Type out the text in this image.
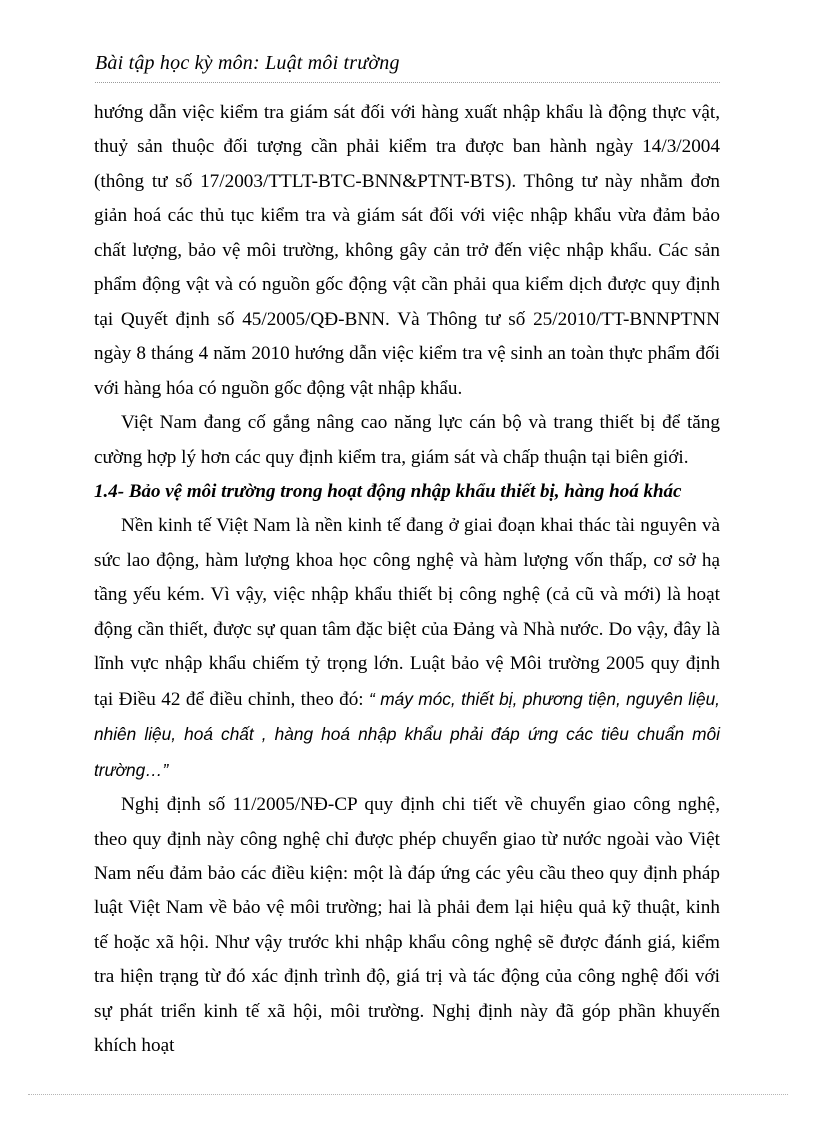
Bài tập học kỳ môn: Luật môi trường

hướng dẫn việc kiểm tra giám sát đối với hàng xuất nhập khẩu là động thực vật, thuỷ sản thuộc đối tượng cần phải kiểm tra được ban hành ngày 14/3/2004 (thông tư số 17/2003/TTLT-BTC-BNN&PTNT-BTS). Thông tư này nhằm đơn giản hoá các thủ tục kiểm tra và giám sát đối với việc nhập khẩu vừa đảm bảo chất lượng, bảo vệ môi trường, không gây cản trở đến việc nhập khẩu. Các sản phẩm động vật và có nguồn gốc động vật cần phải qua kiểm dịch được quy định tại Quyết định số 45/2005/QĐ-BNN. Và Thông tư số 25/2010/TT-BNNPTNN ngày 8 tháng 4 năm 2010 hướng dẫn việc kiểm tra vệ sinh an toàn thực phẩm đối với hàng hóa có nguồn gốc động vật nhập khẩu.

Việt Nam đang cố gắng nâng cao năng lực cán bộ và trang thiết bị để tăng cường hợp lý hơn các quy định kiểm tra, giám sát và chấp thuận tại biên giới.

1.4- Bảo vệ môi trường trong hoạt động nhập khẩu thiết bị, hàng hoá khác

Nền kinh tế Việt Nam là nền kinh tế đang ở giai đoạn khai thác tài nguyên và sức lao động, hàm lượng khoa học công nghệ và hàm lượng vốn thấp, cơ sở hạ tầng yếu kém. Vì vậy, việc nhập khẩu thiết bị công nghệ (cả cũ và mới) là hoạt động cần thiết, được sự quan tâm đặc biệt của Đảng và Nhà nước. Do vậy, đây là lĩnh vực nhập khẩu chiếm tỷ trọng lớn. Luật bảo vệ Môi trường 2005 quy định tại Điều 42 để điều chỉnh, theo đó: “ máy móc, thiết bị, phương tiện, nguyên liệu, nhiên liệu, hoá chất , hàng hoá nhập khẩu phải đáp ứng các tiêu chuẩn môi trường…”

Nghị định số 11/2005/NĐ-CP quy định chi tiết về chuyển giao công nghệ, theo quy định này công nghệ chỉ được phép chuyển giao từ nước ngoài vào Việt Nam nếu đảm bảo các điều kiện: một là đáp ứng các yêu cầu theo quy định pháp luật Việt Nam về bảo vệ môi trường; hai là phải đem lại hiệu quả kỹ thuật, kinh tế hoặc xã hội. Như vậy trước khi nhập khẩu công nghệ sẽ được đánh giá, kiểm tra hiện trạng từ đó xác định trình độ, giá trị và tác động của công nghệ đối với sự phát triển kinh tế xã hội, môi trường. Nghị định này đã góp phần khuyến khích hoạt
